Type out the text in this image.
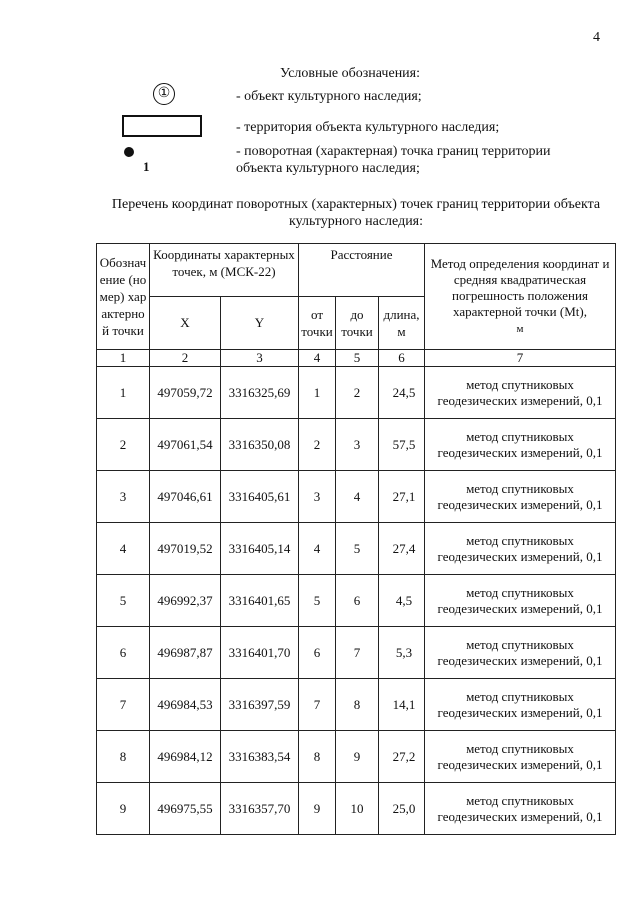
4
Условные обозначения:
①	- объект культурного наследия;
- территория объекта культурного наследия;
1
- поворотная (характерная) точка границ территории объекта культурного наследия;
Перечень координат поворотных (характерных) точек границ территории объекта культурного наследия:
Обозначение (номер) характерной точки	Координаты характерных точек, м (МСК-22)		Расстояние			Метод определения координат и средняя квадратическая погрешность положения характерной точки (Mt),
м
	X	Y	от точки	до точки	длина, м	
1	2	3	4	5	6	7
1	497059,72	3316325,69	1	2	24,5	метод спутниковых геодезических измерений, 0,1
2	497061,54	3316350,08	2	3	57,5	метод спутниковых геодезических измерений, 0,1
3	497046,61	3316405,61	3	4	27,1	метод спутниковых геодезических измерений, 0,1
4	497019,52	3316405,14	4	5	27,4	метод спутниковых геодезических измерений, 0,1
5	496992,37	3316401,65	5	6	4,5	метод спутниковых геодезических измерений, 0,1
6	496987,87	3316401,70	6	7	5,3	метод спутниковых геодезических измерений, 0,1
7	496984,53	3316397,59	7	8	14,1	метод спутниковых геодезических измерений, 0,1
8	496984,12	3316383,54	8	9	27,2	метод спутниковых геодезических измерений, 0,1
9	496975,55	3316357,70	9	10	25,0	метод спутниковых геодезических измерений, 0,1
